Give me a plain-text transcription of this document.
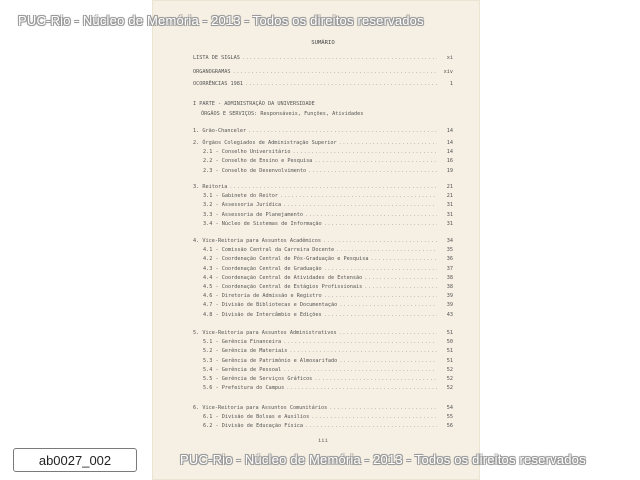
PUC-Rio - Núcleo de Memória - 2013 - Todos os direitos reservados
PUC-Rio - Núcleo de Memória - 2013 - Todos os direitos reservados
ab0027_002
SUMÁRIO
LISTA DE SIGLAS .....	xi
ORGANOGRAMAS .....	xiv
OCORRÊNCIAS 1981 .....	1
I PARTE - ADMINISTRAÇÃO DA UNIVERSIDADE
ÓRGÃOS E SERVIÇOS: Responsáveis, Funções, Atividades
1. Grão-Chanceler .....	14
2. Órgãos Colegiados de Administração Superior .....	14
2.1 - Conselho Universitário .....	14
2.2 - Conselho de Ensino e Pesquisa .....	16
2.3 - Conselho de Desenvolvimento .....	19
3. Reitoria .....	21
3.1 - Gabinete do Reitor .....	21
3.2 - Assessoria Jurídica .....	31
3.3 - Assessoria de Planejamento .....	31
3.4 - Núcleo de Sistemas de Informação .....	31
4. Vice-Reitoria para Assuntos Acadêmicos .....	34
4.1 - Comissão Central da Carreira Docente .....	35
4.2 - Coordenação Central de Pós-Graduação e Pesquisa .....	36
4.3 - Coordenação Central de Graduação .....	37
4.4 - Coordenação Central de Atividades de Extensão .....	38
4.5 - Coordenação Central de Estágios Profissionais .....	38
4.6 - Diretoria de Admissão e Registro .....	39
4.7 - Divisão de Bibliotecas e Documentação .....	39
4.8 - Divisão de Intercâmbio e Edições .....	43
5. Vice-Reitoria para Assuntos Administrativos .....	51
5.1 - Gerência Financeira .....	50
5.2 - Gerência de Materiais .....	51
5.3 - Gerência de Patrimônio e Almoxarifado .....	51
5.4 - Gerência de Pessoal .....	52
5.5 - Gerência de Serviços Gráficos .....	52
5.6 - Prefeitura do Campus .....	52
6. Vice-Reitoria para Assuntos Comunitários .....	54
6.1 - Divisão de Bolsas e Auxílios .....	55
6.2 - Divisão de Educação Física .....	56
iii
